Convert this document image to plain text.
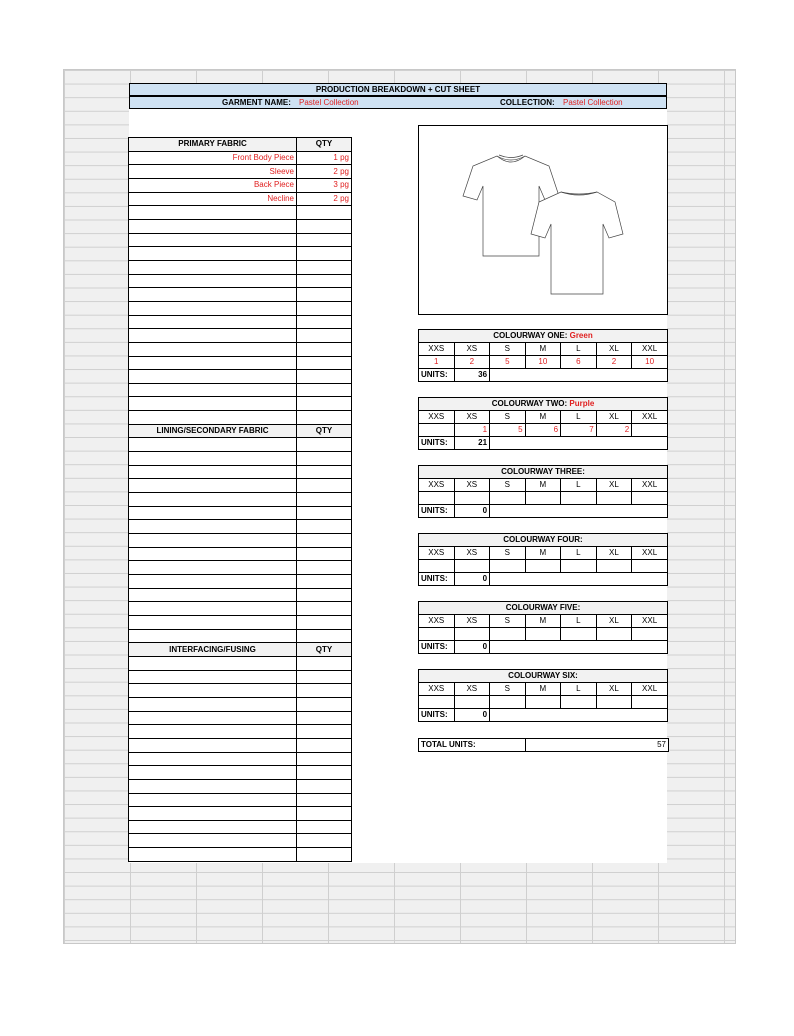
PRODUCTION BREAKDOWN + CUT SHEET
GARMENT NAME: Pastel Collection	COLLECTION: Pastel Collection
PRIMARY FABRIC	QTY
Front Body Piece	1 pg
Sleeve	2 pg
Back Piece	3 pg
Necline	2 pg

LINING/SECONDARY FABRIC	QTY

INTERFACING/FUSING	QTY

COLOURWAY ONE: Green						
XXS	XS	S	M	L	XL	XXL
1	2	5	10	6	2	10
UNITS:	36					
COLOURWAY TWO: Purple						
XXS	XS	S	M	L	XL	XXL
	1	5	6	7	2	
UNITS:	21					
COLOURWAY THREE:						
XXS	XS	S	M	L	XL	XXL

UNITS:	0					
COLOURWAY FOUR:						
XXS	XS	S	M	L	XL	XXL

UNITS:	0					
COLOURWAY FIVE:						
XXS	XS	S	M	L	XL	XXL

UNITS:	0					
COLOURWAY SIX:						
XXS	XS	S	M	L	XL	XXL

UNITS:	0					
TOTAL UNITS:	57
